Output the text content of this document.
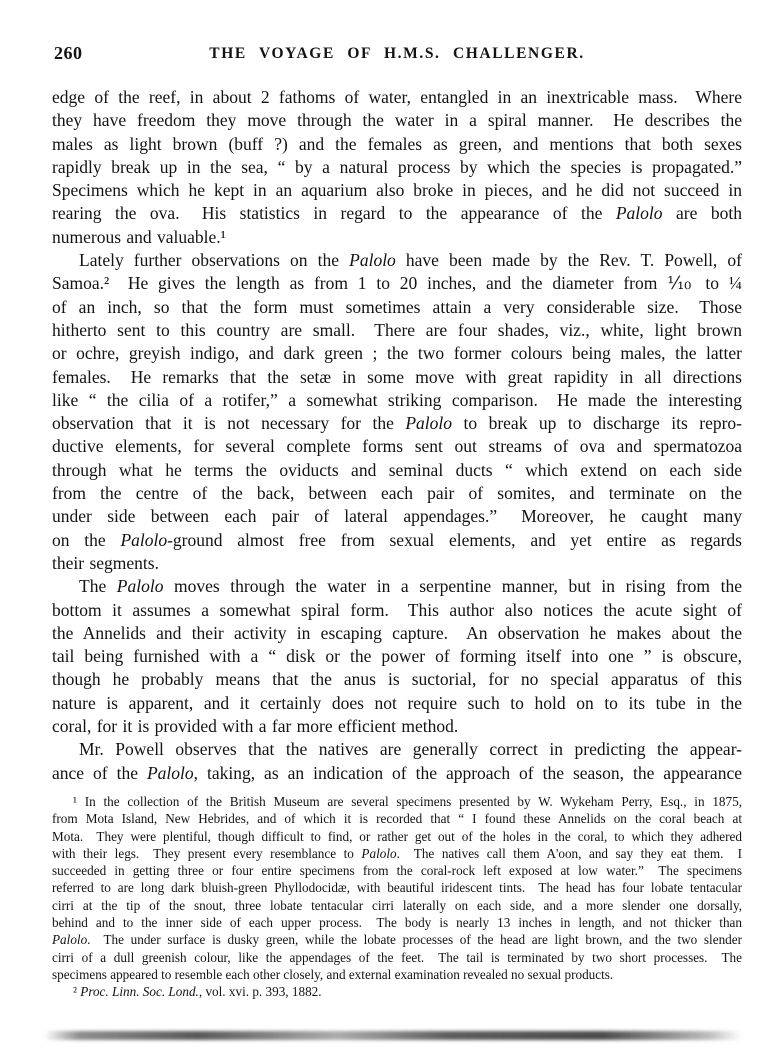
260	THE VOYAGE OF H.M.S. CHALLENGER.
edge of the reef, in about 2 fathoms of water, entangled in an inextricable mass.  Where
they have freedom they move through the water in a spiral manner.  He describes the
males as light brown (buff ?) and the females as green, and mentions that both sexes
rapidly break up in the sea, “ by a natural process by which the species is propagated.”
Specimens which he kept in an aquarium also broke in pieces, and he did not succeed in
rearing the ova.  His statistics in regard to the appearance of the Palolo are both
numerous and valuable.¹
Lately further observations on the Palolo have been made by the Rev. T. Powell, of
Samoa.²  He gives the length as from 1 to 20 inches, and the diameter from ⅒ to ¼
of an inch, so that the form must sometimes attain a very considerable size.  Those
hitherto sent to this country are small.  There are four shades, viz., white, light brown
or ochre, greyish indigo, and dark green ; the two former colours being males, the latter
females.  He remarks that the setæ in some move with great rapidity in all directions
like “ the cilia of a rotifer,” a somewhat striking comparison.  He made the interesting
observation that it is not necessary for the Palolo to break up to discharge its repro-
ductive elements, for several complete forms sent out streams of ova and spermatozoa
through what he terms the oviducts and seminal ducts “ which extend on each side
from the centre of the back, between each pair of somites, and terminate on the
under side between each pair of lateral appendages.”  Moreover, he caught many
on the Palolo-ground almost free from sexual elements, and yet entire as regards
their segments.
The Palolo moves through the water in a serpentine manner, but in rising from the
bottom it assumes a somewhat spiral form.  This author also notices the acute sight of
the Annelids and their activity in escaping capture.  An observation he makes about the
tail being furnished with a “ disk or the power of forming itself into one ” is obscure,
though he probably means that the anus is suctorial, for no special apparatus of this
nature is apparent, and it certainly does not require such to hold on to its tube in the
coral, for it is provided with a far more efficient method.
Mr. Powell observes that the natives are generally correct in predicting the appear-
ance of the Palolo, taking, as an indication of the approach of the season, the appearance
¹ In the collection of the British Museum are several specimens presented by W. Wykeham Perry, Esq., in 1875,
from Mota Island, New Hebrides, and of which it is recorded that “ I found these Annelids on the coral beach at
Mota.  They were plentiful, though difficult to find, or rather get out of the holes in the coral, to which they adhered
with their legs.  They present every resemblance to Palolo.  The natives call them A'oon, and say they eat them.  I
succeeded in getting three or four entire specimens from the coral-rock left exposed at low water.”  The specimens
referred to are long dark bluish-green Phyllodocidæ, with beautiful iridescent tints.  The head has four lobate tentacular
cirri at the tip of the snout, three lobate tentacular cirri laterally on each side, and a more slender one dorsally,
behind and to the inner side of each upper process.  The body is nearly 13 inches in length, and not thicker than
Palolo.  The under surface is dusky green, while the lobate processes of the head are light brown, and the two slender
cirri of a dull greenish colour, like the appendages of the feet.  The tail is terminated by two short processes.  The
specimens appeared to resemble each other closely, and external examination revealed no sexual products.
² Proc. Linn. Soc. Lond., vol. xvi. p. 393, 1882.
